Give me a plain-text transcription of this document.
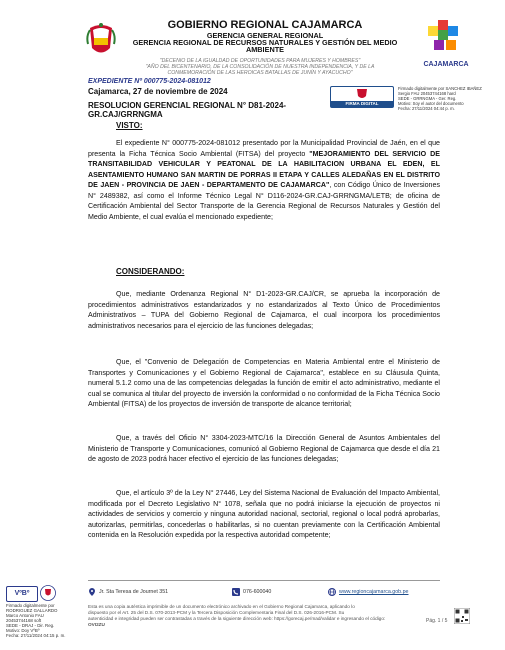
GOBIERNO REGIONAL CAJAMARCA
GERENCIA GENERAL REGIONAL
GERENCIA REGIONAL DE RECURSOS NATURALES Y GESTIÓN DEL MEDIO
AMBIENTE
CAJAMARCA
"DECENIO DE LA IGUALDAD DE OPORTUNIDADES PARA MUJERES Y HOMBRES"
"AÑO DEL BICENTENARIO, DE LA CONSOLIDACIÓN DE NUESTRA INDEPENDENCIA, Y DE LA
CONMEMORACIÓN DE LAS HEROICAS BATALLAS DE JUNÍN Y AYACUCHO"
EXPEDIENTE Nº 000775-2024-081012
Cajamarca, 27 de noviembre de 2024
RESOLUCION GERENCIAL REGIONAL N° D81-2024-
GR.CAJ/GRRNGMA
FIRMA DIGITAL
Firmado digitalmente por SANCHEZ IBAÑEZ
Sergio FAU 20453744168 hard
SEDE - GRRNGMA - Ger. Reg.
Motivo: Soy el autor del documento
Fecha: 27/11/2024 04:44 p. m.
VISTO:
El expediente N° 000775-2024-081012 presentado por la Municipalidad Provincial de Jaén, en el que presenta la Ficha Técnica Socio Ambiental (FITSA) del proyecto "MEJORAMIENTO DEL SERVICIO DE TRANSITABILIDAD VEHICULAR Y PEATONAL DE LA HABILITACION URBANA EL EDEN, EL ASENTAMIENTO HUMANO SAN MARTIN DE PORRAS II ETAPA Y CALLES ALEDAÑAS EN EL DISTRITO DE JAEN - PROVINCIA DE JAEN - DEPARTAMENTO DE CAJAMARCA", con Código Único de Inversiones N° 2489382, así como el Informe Técnico Legal N° D116-2024-GR.CAJ-GRRNGMA/LETB; de oficina de Certificación Ambiental del Sector Transporte de la Gerencia Regional de Recursos Naturales y Gestión del Medio Ambiente, el cual evalúa el mencionado expediente;
CONSIDERANDO:
Que, mediante Ordenanza Regional N° D1-2023-GR.CAJ/CR, se aprueba la incorporación de procedimientos administrativos estandarizados y no estandarizados al Texto Único de Procedimientos Administrativos – TUPA del Gobierno Regional de Cajamarca, el cual incorpora los procedimientos administrativos necesarios para el ejercicio de las funciones delegadas;
Que, el "Convenio de Delegación de Competencias en Materia Ambiental entre el Ministerio de Transportes y Comunicaciones y el Gobierno Regional de Cajamarca", establece en su Cláusula Quinta, numeral 5.1.2 como una de las competencias delegadas la función de emitir el acto administrativo, mediante el cual se comunica al titular del proyecto de inversión la conformidad o no conformidad de la Ficha Técnica Socio Ambiental (FITSA) de los proyectos de inversión de transporte de alcance territorial;
Que, a través del Oficio N° 3304-2023-MTC/16 la Dirección General de Asuntos Ambientales del Ministerio de Transporte y Comunicaciones, comunicó al Gobierno Regional de Cajamarca que desde el día 21 de agosto de 2023 podrá hacer efectivo el ejercicio de las funciones delegadas;
Que, el artículo 3º de la Ley N° 27446, Ley del Sistema Nacional de Evaluación del Impacto Ambiental, modificada por el Decreto Legislativo N° 1078, señala que no podrá iniciarse la ejecución de proyectos ni actividades de servicios y comercio y ninguna autoridad nacional, sectorial, regional o local podrá aprobarlas, autorizarlas, permitirlas, concederlas o habilitarlas, si no cuentan previamente con la Certificación Ambiental contenida en la Resolución expedida por la respectiva autoridad competente;
Jr. Sta Teresa de Journet 351	076-600040	www.regioncajamarca.gob.pe
Esta es una copia auténtica imprimible de un documento electrónico archivado en el Gobierno Regional Cajamarca, aplicando lo
dispuesto por el Art. 25 del D.S. 070-2013-PCM y la Tercera Disposición Complementaria Final del D.S. 026-2016-PCM. Su
autenticidad e integridad pueden ser contrastadas a través de la siguiente dirección web: https://goreсaj.pe/mad/validar e ingresando el código:
OVI2ZU
Pág. 1 / 5
VºBº
Firmado digitalmente por
RODRIGUEZ GALLARDO
Marco Antonio FAU
20453744168 soft
SEDE - DRAJ - Dir. Reg.
Motivo: Doy VºBº
Fecha: 27/11/2024 04:15 p. m.
